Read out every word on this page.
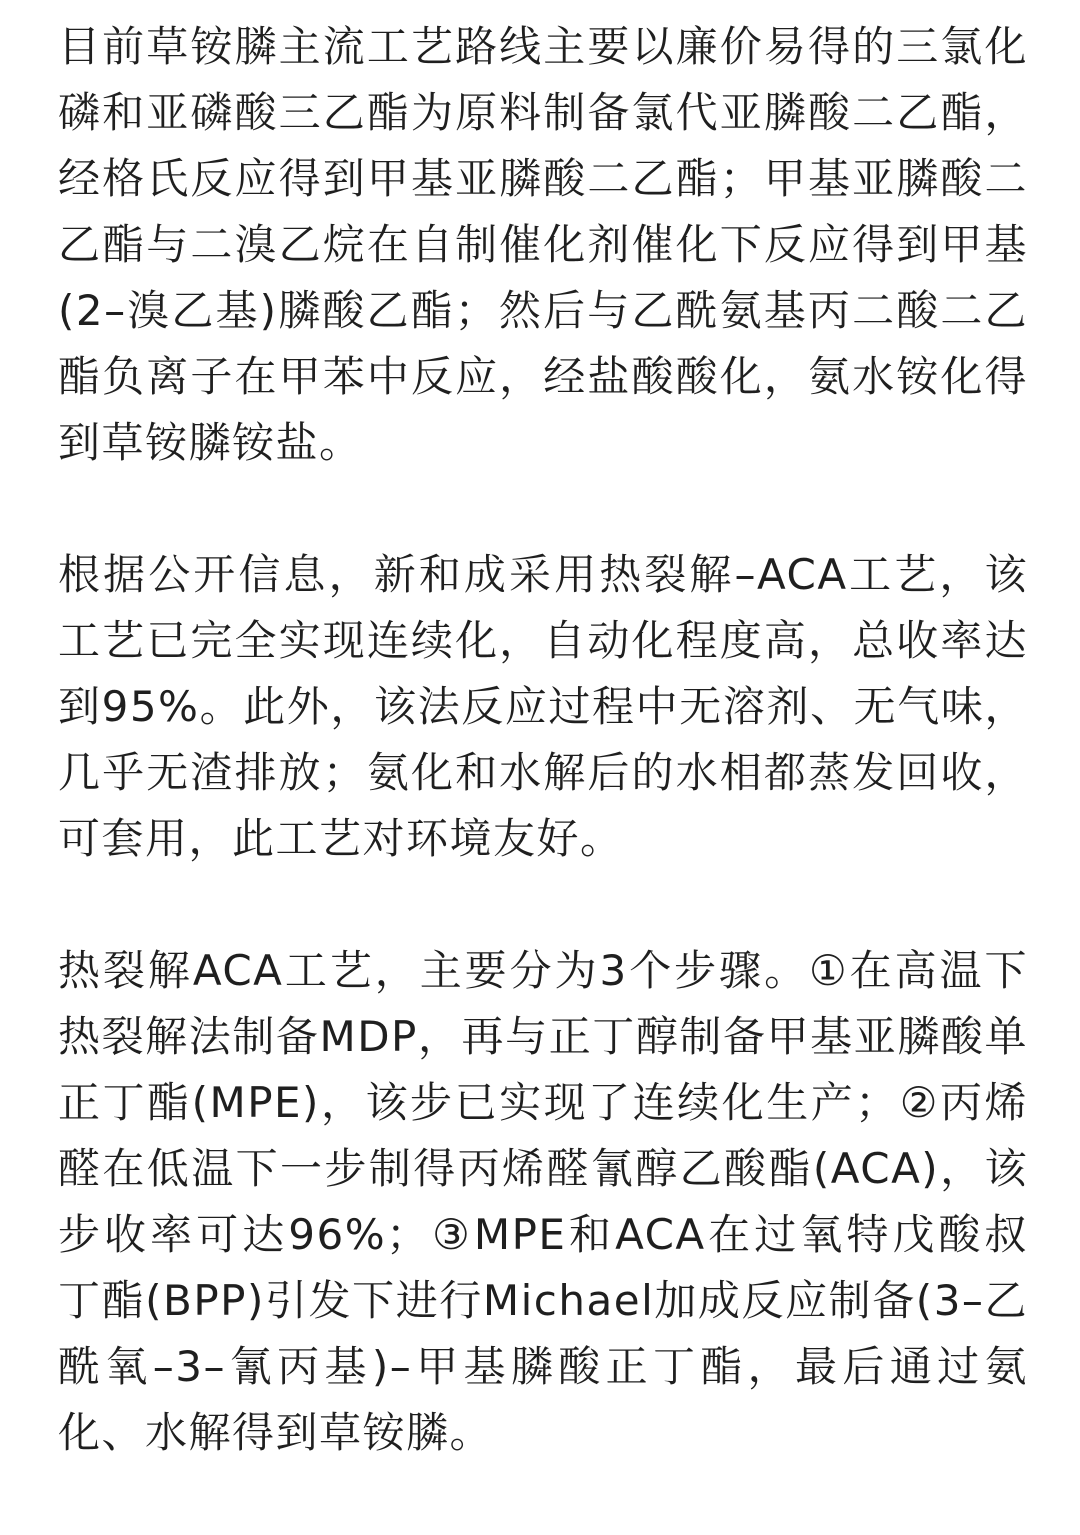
目前草铵膦主流工艺路线主要以廉价易得的三氯化磷和亚磷酸三乙酯为原料制备氯代亚膦酸二乙酯，经格氏反应得到甲基亚膦酸二乙酯；甲基亚膦酸二乙酯与二溴乙烷在自制催化剂催化下反应得到甲基(2–溴乙基)膦酸乙酯；然后与乙酰氨基丙二酸二乙酯负离子在甲苯中反应，经盐酸酸化，氨水铵化得到草铵膦铵盐。

根据公开信息，新和成采用热裂解–ACA工艺，该工艺已完全实现连续化，自动化程度高，总收率达到95%。此外，该法反应过程中无溶剂、无气味，几乎无渣排放；氨化和水解后的水相都蒸发回收，可套用，此工艺对环境友好。

热裂解ACA工艺，主要分为3个步骤。①在高温下热裂解法制备MDP，再与正丁醇制备甲基亚膦酸单正丁酯(MPE)，该步已实现了连续化生产；②丙烯醛在低温下一步制得丙烯醛氰醇乙酸酯(ACA)，该步收率可达96%；③MPE和ACA在过氧特戊酸叔丁酯(BPP)引发下进行Michael加成反应制备(3–乙酰氧–3–氰丙基)–甲基膦酸正丁酯，最后通过氨化、水解得到草铵膦。
